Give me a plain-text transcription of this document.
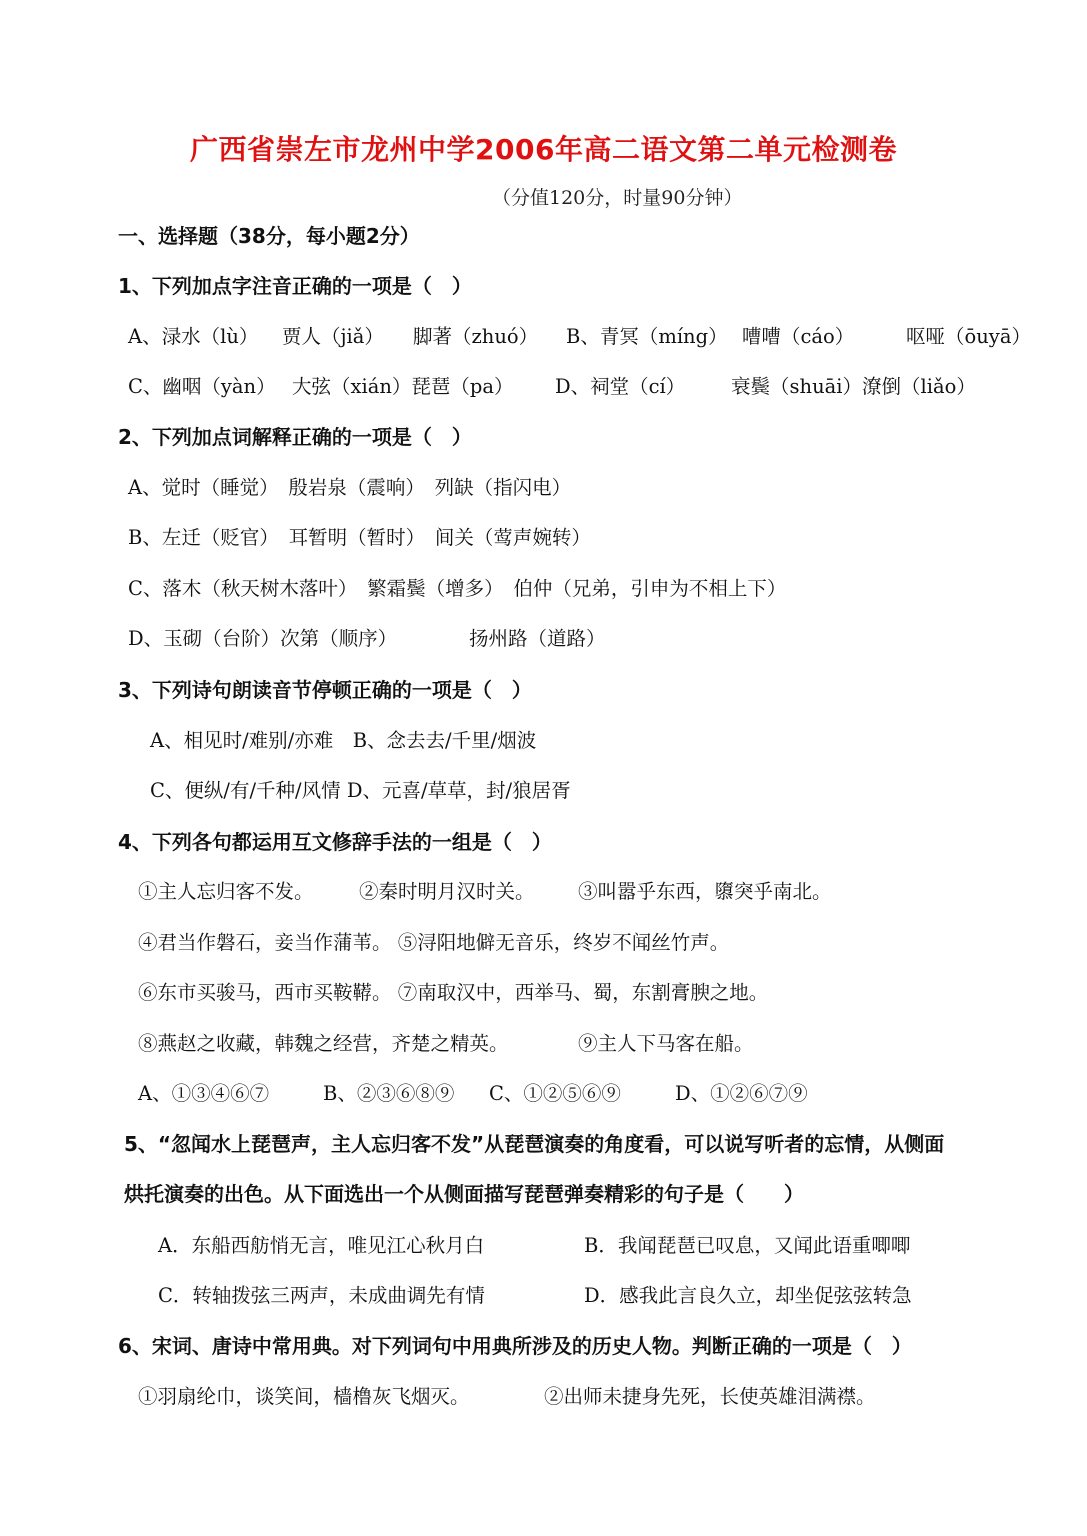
广西省崇左市龙州中学2006年高二语文第二单元检测卷
（分值120分，时量90分钟）
一、选择题（38分，每小题2分）
1、下列加点字注音正确的一项是（　）
A、渌水（lù） 贾人（jiǎ） 脚著（zhuó） B、青冥（míng） 嘈嘈（cáo）	呕哑（ōuyā）
C、幽咽（yàn） 大弦（xián）琵琶（pa） D、祠堂（cí） 衰鬓（shuāi）潦倒（liǎo）
2、下列加点词解释正确的一项是（　）
A、觉时（睡觉）　殷岩泉（震响）　列缺（指闪电）
B、左迁（贬官）　耳暂明（暂时）　间关（莺声婉转）
C、落木（秋天树木落叶）　繁霜鬓（增多）　伯仲（兄弟，引申为不相上下）
D、玉砌（台阶）次第（顺序）	扬州路（道路）
3、下列诗句朗读音节停顿正确的一项是（　）
A、相见时/难别/亦难　B、念去去/千里/烟波
C、便纵/有/千种/风情 D、元喜/草草，封/狼居胥
4、下列各句都运用互文修辞手法的一组是（　）
①主人忘归客不发。 ②秦时明月汉时关。 ③叫嚣乎东西，隳突乎南北。
④君当作磐石，妾当作蒲苇。 ⑤浔阳地僻无音乐，终岁不闻丝竹声。
⑥东市买骏马，西市买鞍鞯。 ⑦南取汉中，西举马、蜀，东割膏腴之地。
⑧燕赵之收藏，韩魏之经营，齐楚之精英。	⑨主人下马客在船。
A、①③④⑥⑦	B、②③⑥⑧⑨ C、①②⑤⑥⑨	D、①②⑥⑦⑨
5、“忽闻水上琵琶声，主人忘归客不发”从琵琶演奏的角度看，可以说写听者的忘情，从侧面
烘托演奏的出色。从下面选出一个从侧面描写琵琶弹奏精彩的句子是（　　）
A．东船西舫悄无言，唯见江心秋月白	B．我闻琵琶已叹息，又闻此语重唧唧
C．转轴拨弦三两声，未成曲调先有情	D．感我此言良久立，却坐促弦弦转急
6、宋词、唐诗中常用典。对下列词句中用典所涉及的历史人物。判断正确的一项是（　）
①羽扇纶巾，谈笑间，樯橹灰飞烟灭。	②出师未捷身先死，长使英雄泪满襟。
